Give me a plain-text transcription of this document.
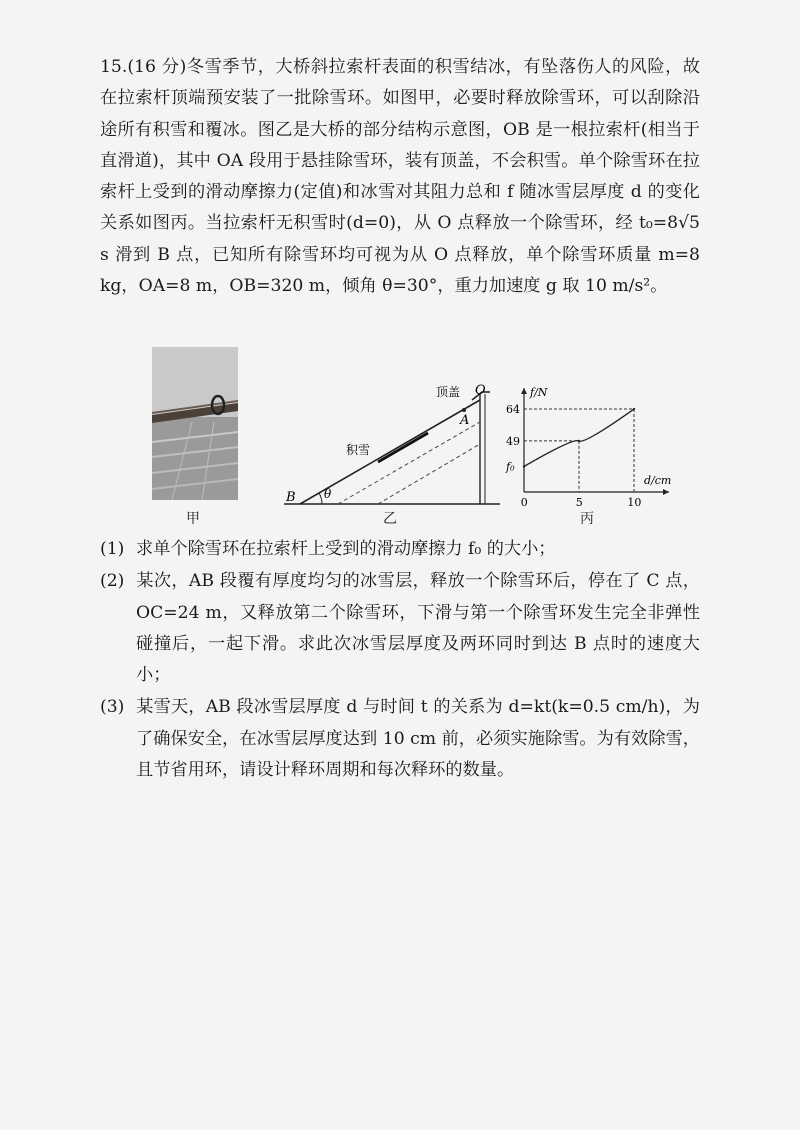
15.(16 分)冬雪季节，大桥斜拉索杆表面的积雪结冰，有坠落伤人的风险，故在拉索杆顶端预安装了一批除雪环。如图甲，必要时释放除雪环，可以刮除沿途所有积雪和覆冰。图乙是大桥的部分结构示意图，OB 是一根拉索杆(相当于直滑道)，其中 OA 段用于悬挂除雪环，装有顶盖，不会积雪。单个除雪环在拉索杆上受到的滑动摩擦力(定值)和冰雪对其阻力总和 f 随冰雪层厚度 d 的变化关系如图丙。当拉索杆无积雪时(d=0)，从 O 点释放一个除雪环，经 t₀=8√5 s 滑到 B 点，已知所有除雪环均可视为从 O 点释放，单个除雪环质量 m=8 kg，OA=8 m，OB=320 m，倾角 θ=30°，重力加速度 g 取 10 m/s²。

甲
A
O
顶盖
B θ
积雪
乙
f/N
d/cm
f₀
49
64
0	5	10
丙

(1) 求单个除雪环在拉索杆上受到的滑动摩擦力 f₀ 的大小；

(2) 某次，AB 段覆有厚度均匀的冰雪层，释放一个除雪环后，停在了 C 点，OC=24 m，又释放第二个除雪环，下滑与第一个除雪环发生完全非弹性碰撞后，一起下滑。求此次冰雪层厚度及两环同时到达 B 点时的速度大小；

(3) 某雪天，AB 段冰雪层厚度 d 与时间 t 的关系为 d=kt(k=0.5 cm/h)，为了确保安全，在冰雪层厚度达到 10 cm 前，必须实施除雪。为有效除雪，且节省用环，请设计释环周期和每次释环的数量。
